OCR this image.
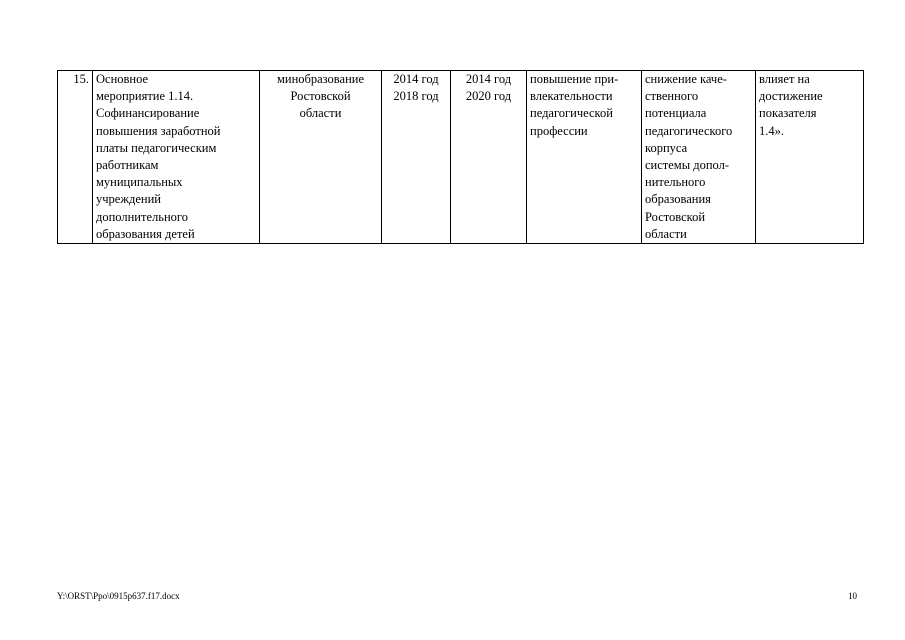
15.	Основное
мероприятие 1.14.
Софинансирование
повышения заработной
платы педагогическим
работникам
муниципальных
учреждений
дополнительного
образования детей	минобразование
Ростовской
области	2014 год
2018 год	2014 год
2020 год	повышение при-
влекательности
педагогической
профессии	снижение каче-
ственного
потенциала
педагогического
корпуса
системы допол-
нительного
образования
Ростовской
области	влияет на
достижение
показателя
1.4».
Y:\ORST\Ppo\0915p637.f17.docx	10
